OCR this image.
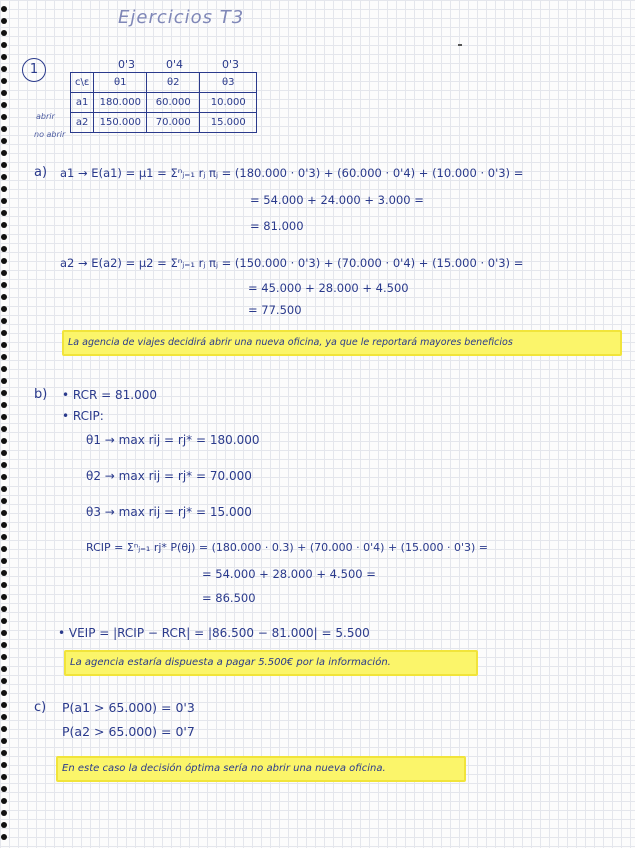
Ejercicios T3
1	0'3	0'4	0'3
abrir
no abrir
c\ε	θ1	θ2	θ3
a1	180.000	60.000	10.000
a2	150.000	70.000	15.000
a) a1 → E(a1) = μ1 = Σⁿⱼ₌₁ rⱼ πⱼ = (180.000 · 0'3) + (60.000 · 0'4) + (10.000 · 0'3) =
= 54.000 + 24.000 + 3.000 =
= 81.000
a2 → E(a2) = μ2 = Σⁿⱼ₌₁ rⱼ πⱼ = (150.000 · 0'3) + (70.000 · 0'4) + (15.000 · 0'3) =
= 45.000 + 28.000 + 4.500
= 77.500
La agencia de viajes decidirá abrir una nueva oficina, ya que le reportará mayores beneficios
b) • RCR = 81.000
• RCIP:
θ1 → max rij = rj* = 180.000
θ2 → max rij = rj* = 70.000
θ3 → max rij = rj* = 15.000
RCIP = Σⁿⱼ₌₁ rj* P(θj) = (180.000 · 0.3) + (70.000 · 0'4) + (15.000 · 0'3) =
= 54.000 + 28.000 + 4.500 =
= 86.500
• VEIP = |RCIP − RCR| = |86.500 − 81.000| = 5.500
La agencia estaría dispuesta a pagar 5.500€ por la información.
c) P(a1 > 65.000) = 0'3
P(a2 > 65.000) = 0'7
En este caso la decisión óptima sería no abrir una nueva oficina.
